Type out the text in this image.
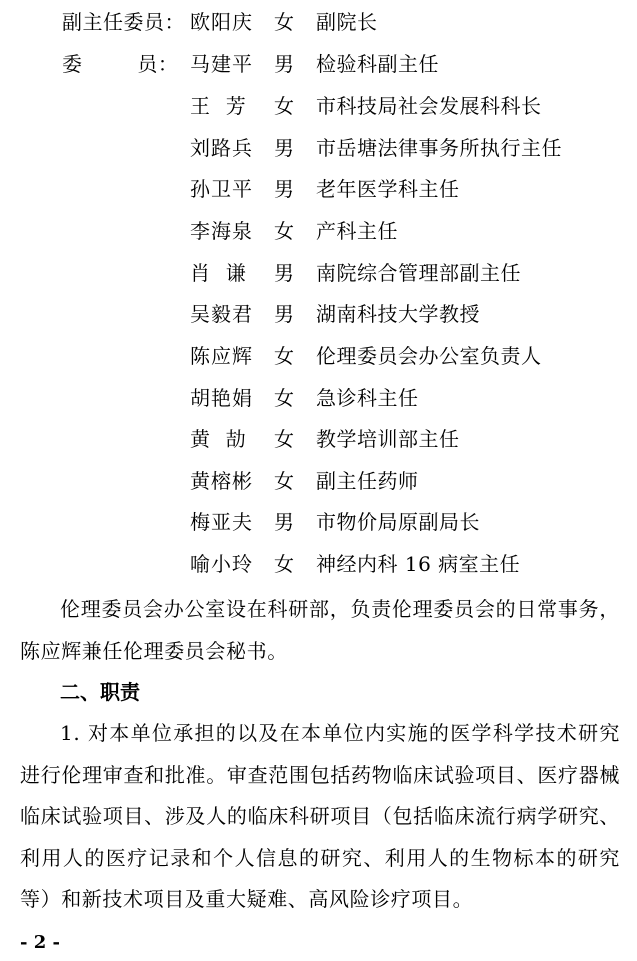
副主任委员： 欧阳庆 女 副院长
委        员： 马建平 男 检验科副主任
王  芳 女 市科技局社会发展科科长
刘路兵 男 市岳塘法律事务所执行主任
孙卫平 男 老年医学科主任
李海泉 女 产科主任
肖  谦 男 南院综合管理部副主任
吴毅君 男 湖南科技大学教授
陈应辉 女 伦理委员会办公室负责人
胡艳娟 女 急诊科主任
黄  劼 女 教学培训部主任
黄榕彬 女 副主任药师
梅亚夫 男 市物价局原副局长
喻小玲 女 神经内科 16 病室主任
伦理委员会办公室设在科研部，负责伦理委员会的日常事务，陈应辉兼任伦理委员会秘书。
二、职责
1. 对本单位承担的以及在本单位内实施的医学科学技术研究进行伦理审查和批准。审查范围包括药物临床试验项目、医疗器械临床试验项目、涉及人的临床科研项目（包括临床流行病学研究、利用人的医疗记录和个人信息的研究、利用人的生物标本的研究等）和新技术项目及重大疑难、高风险诊疗项目。
- 2 -
